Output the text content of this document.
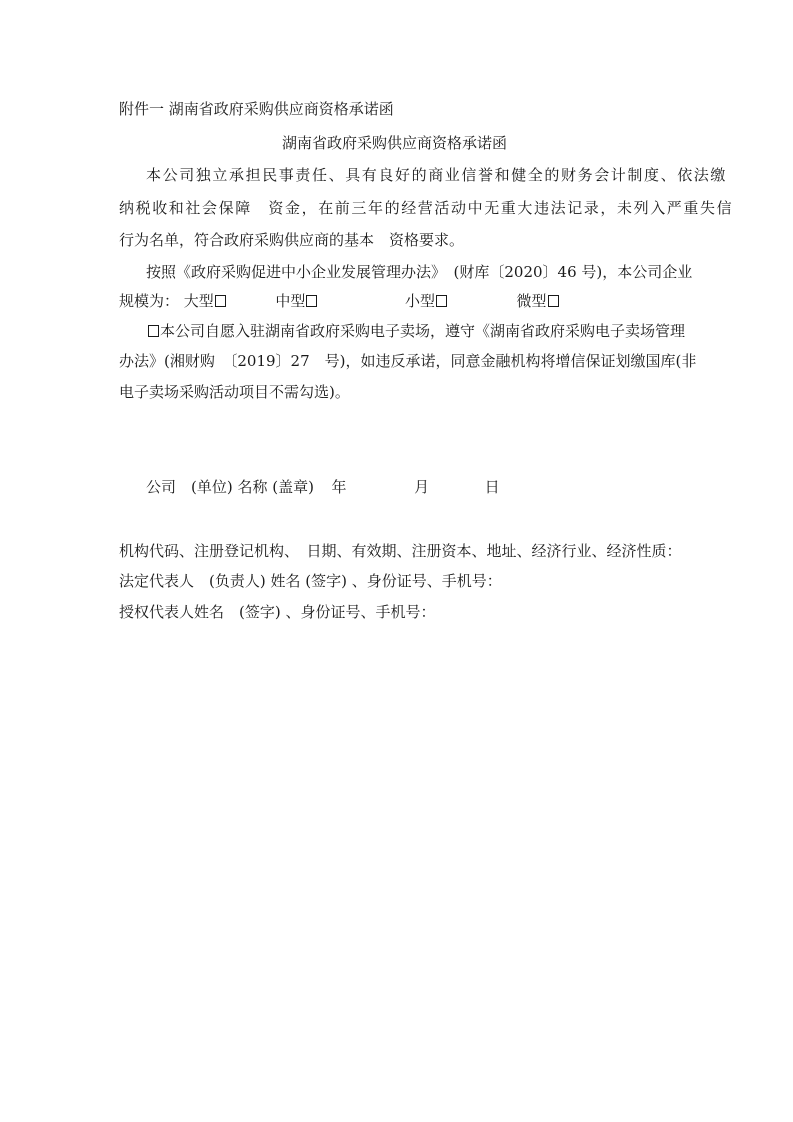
附件一 湖南省政府采购供应商资格承诺函
湖南省政府采购供应商资格承诺函
本公司独立承担民事责任、具有良好的商业信誉和健全的财务会计制度、依法缴
纳税收和社会保障　资金，在前三年的经营活动中无重大违法记录，未列入严重失信
行为名单，符合政府采购供应商的基本　资格要求。
按照《政府采购促进中小企业发展管理办法》　(财库〔2020〕46 号)，本公司企业
规模为： 大型	中型	小型	微型
本公司自愿入驻湖南省政府采购电子卖场，遵守《湖南省政府采购电子卖场管理
办法》(湘财购　〔2019〕27　号)，如违反承诺，同意金融机构将增信保证划缴国库(非
电子卖场采购活动项目不需勾选)。
公司　(单位) 名称 (盖章) 年	月	日
机构代码、注册登记机构、　日期、有效期、注册资本、地址、经济行业、经济性质：
法定代表人　(负责人) 姓名 (签字) 、身份证号、手机号：
授权代表人姓名　(签字) 、身份证号、手机号：
